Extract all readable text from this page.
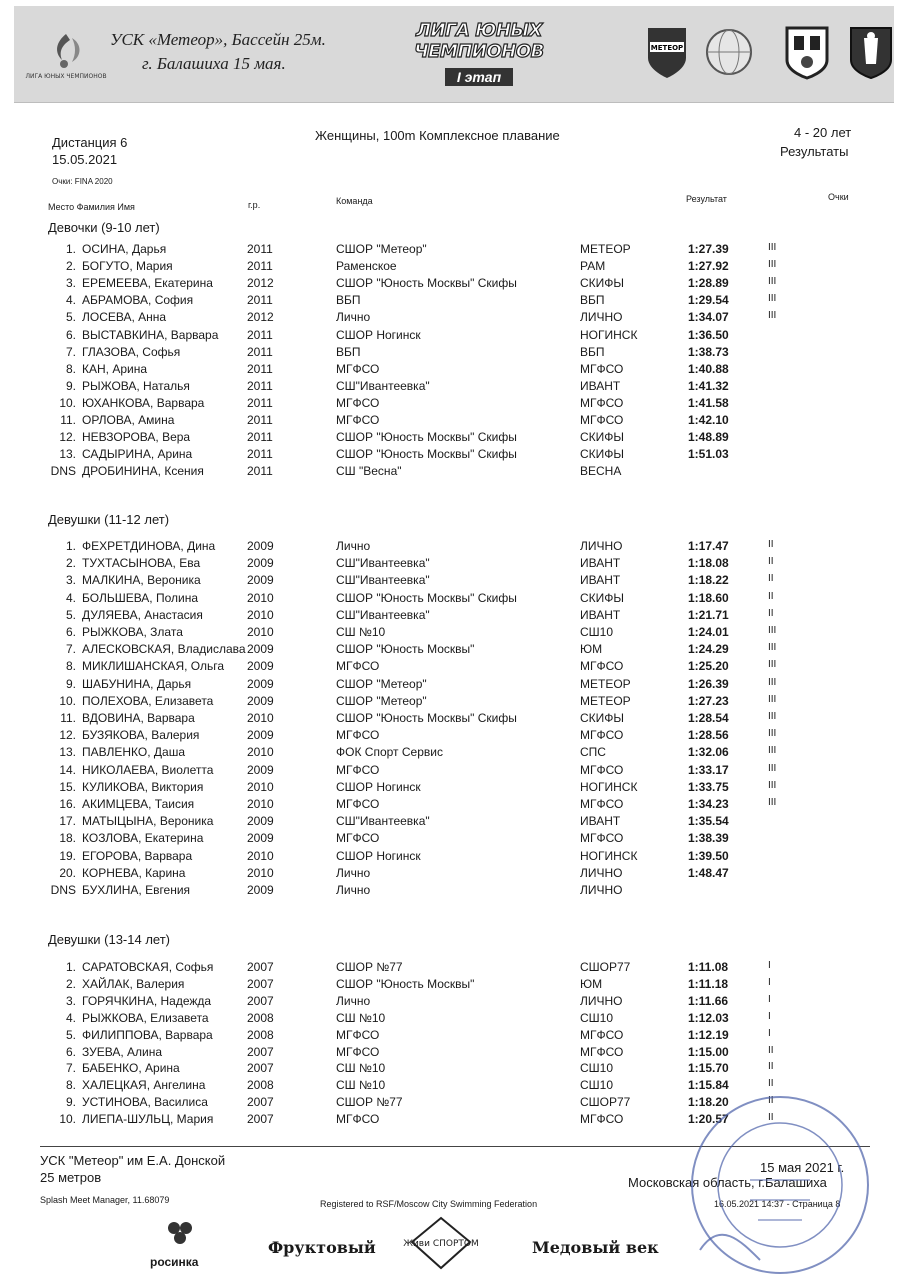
ЛИГА ЮНЫХ ЧЕМПИОНОВ
УСК «Метеор», Бассейн 25м.
г. Балашиха 15 мая.
ЛИГА ЮНЫХ ЧЕМПИОНОВ
I этап
МЕТЕОР
Дистанция 6
15.05.2021
Женщины, 100m Комплексное плавание	4 - 20 лет
Результаты
Очки: FINA 2020
Место Фамилия Имя	г.р.	Команда	Результат	Очки
Девочки (9-10 лет)
1. ОСИНА, Дарья	2011	СШОР "Метеор"	МЕТЕОР	1:27.39	III
2. БОГУТО, Мария	2011	Раменское	РАМ	1:27.92	III
3. ЕРЕМЕЕВА, Екатерина	2012	СШОР "Юность Москвы" Скифы	СКИФЫ	1:28.89	III
4. АБРАМОВА, София	2011	ВБП	ВБП	1:29.54	III
5. ЛОСЕВА, Анна	2012	Лично	ЛИЧНО	1:34.07	III
6. ВЫСТАВКИНА, Варвара 2011	СШОР Ногинск	НОГИНСК	1:36.50
7. ГЛАЗОВА, Софья	2011	ВБП	ВБП	1:38.73
8. КАН, Арина	2011	МГФСО	МГФСО	1:40.88
9. РЫЖОВА, Наталья	2011	СШ"Ивантеевка"	ИВАНТ	1:41.32
10. ЮХАНКОВА, Варвара	2011	МГФСО	МГФСО	1:41.58
11. ОРЛОВА, Амина	2011	МГФСО	МГФСО	1:42.10
12. НЕВЗОРОВА, Вера	2011	СШОР "Юность Москвы" Скифы	СКИФЫ	1:48.89
13. САДЫРИНА, Арина	2011	СШОР "Юность Москвы" Скифы	СКИФЫ	1:51.03
DNS ДРОБИНИНА, Ксения	2011	СШ "Весна"	ВЕСНА
Девушки (11-12 лет)
1. ФЕХРЕТДИНОВА, Дина	2009	Лично	ЛИЧНО	1:17.47	II
2. ТУХТАСЫНОВА, Ева	2009	СШ"Ивантеевка"	ИВАНТ	1:18.08	II
3. МАЛКИНА, Вероника	2009	СШ"Ивантеевка"	ИВАНТ	1:18.22	II
4. БОЛЬШЕВА, Полина	2010	СШОР "Юность Москвы" Скифы	СКИФЫ	1:18.60	II
5. ДУЛЯЕВА, Анастасия	2010	СШ"Ивантеевка"	ИВАНТ	1:21.71	II
6. РЫЖКОВА, Злата	2010	СШ №10	СШ10	1:24.01	III
7. АЛЕСКОВСКАЯ, Владислава 2009	СШОР "Юность Москвы"	ЮМ	1:24.29	III
8. МИКЛИШАНСКАЯ, Ольга 2009	МГФСО	МГФСО	1:25.20	III
9. ШАБУНИНА, Дарья	2009	СШОР "Метеор"	МЕТЕОР	1:26.39	III
10. ПОЛЕХОВА, Елизавета	2009	СШОР "Метеор"	МЕТЕОР	1:27.23	III
11. ВДОВИНА, Варвара	2010	СШОР "Юность Москвы" Скифы	СКИФЫ	1:28.54	III
12. БУЗЯКОВА, Валерия	2009	МГФСО	МГФСО	1:28.56	III
13. ПАВЛЕНКО, Даша	2010	ФОК Спорт Сервис	СПС	1:32.06	III
14. НИКОЛАЕВА, Виолетта	2009	МГФСО	МГФСО	1:33.17	III
15. КУЛИКОВА, Виктория	2010	СШОР Ногинск	НОГИНСК	1:33.75	III
16. АКИМЦЕВА, Таисия	2010	МГФСО	МГФСО	1:34.23	III
17. МАТЫЦЫНА, Вероника	2009	СШ"Ивантеевка"	ИВАНТ	1:35.54
18. КОЗЛОВА, Екатерина	2009	МГФСО	МГФСО	1:38.39
19. ЕГОРОВА, Варвара	2010	СШОР Ногинск	НОГИНСК	1:39.50
20. КОРНЕВА, Карина	2010	Лично	ЛИЧНО	1:48.47
DNS БУХЛИНА, Евгения	2009	Лично	ЛИЧНО
Девушки (13-14 лет)
1. САРАТОВСКАЯ, Софья	2007	СШОР №77	СШОР77	1:11.08	I
2. ХАЙЛАК, Валерия	2007	СШОР "Юность Москвы"	ЮМ	1:11.18	I
3. ГОРЯЧКИНА, Надежда	2007	Лично	ЛИЧНО	1:11.66	I
4. РЫЖКОВА, Елизавета	2008	СШ №10	СШ10	1:12.03	I
5. ФИЛИППОВА, Варвара	2008	МГФСО	МГФСО	1:12.19	I
6. ЗУЕВА, Алина	2007	МГФСО	МГФСО	1:15.00	II
7. БАБЕНКО, Арина	2007	СШ №10	СШ10	1:15.70	II
8. ХАЛЕЦКАЯ, Ангелина	2008	СШ №10	СШ10	1:15.84	II
9. УСТИНОВА, Василиса	2007	СШОР №77	СШОР77	1:18.20	II
10. ЛИЕПА-ШУЛЬЦ, Мария	2007	МГФСО	МГФСО	1:20.57	II
УСК "Метеор" им Е.А. Донской
25 метров
15 мая 2021 г.
Московская область, г.Балашиха
Splash Meet Manager, 11.68079	Registered to RSF/Moscow City Swimming Federation	16.05.2021 14:37 - Страница 8
росинка
Фруктовый	Живи СПОРТОМ	Медовый век
